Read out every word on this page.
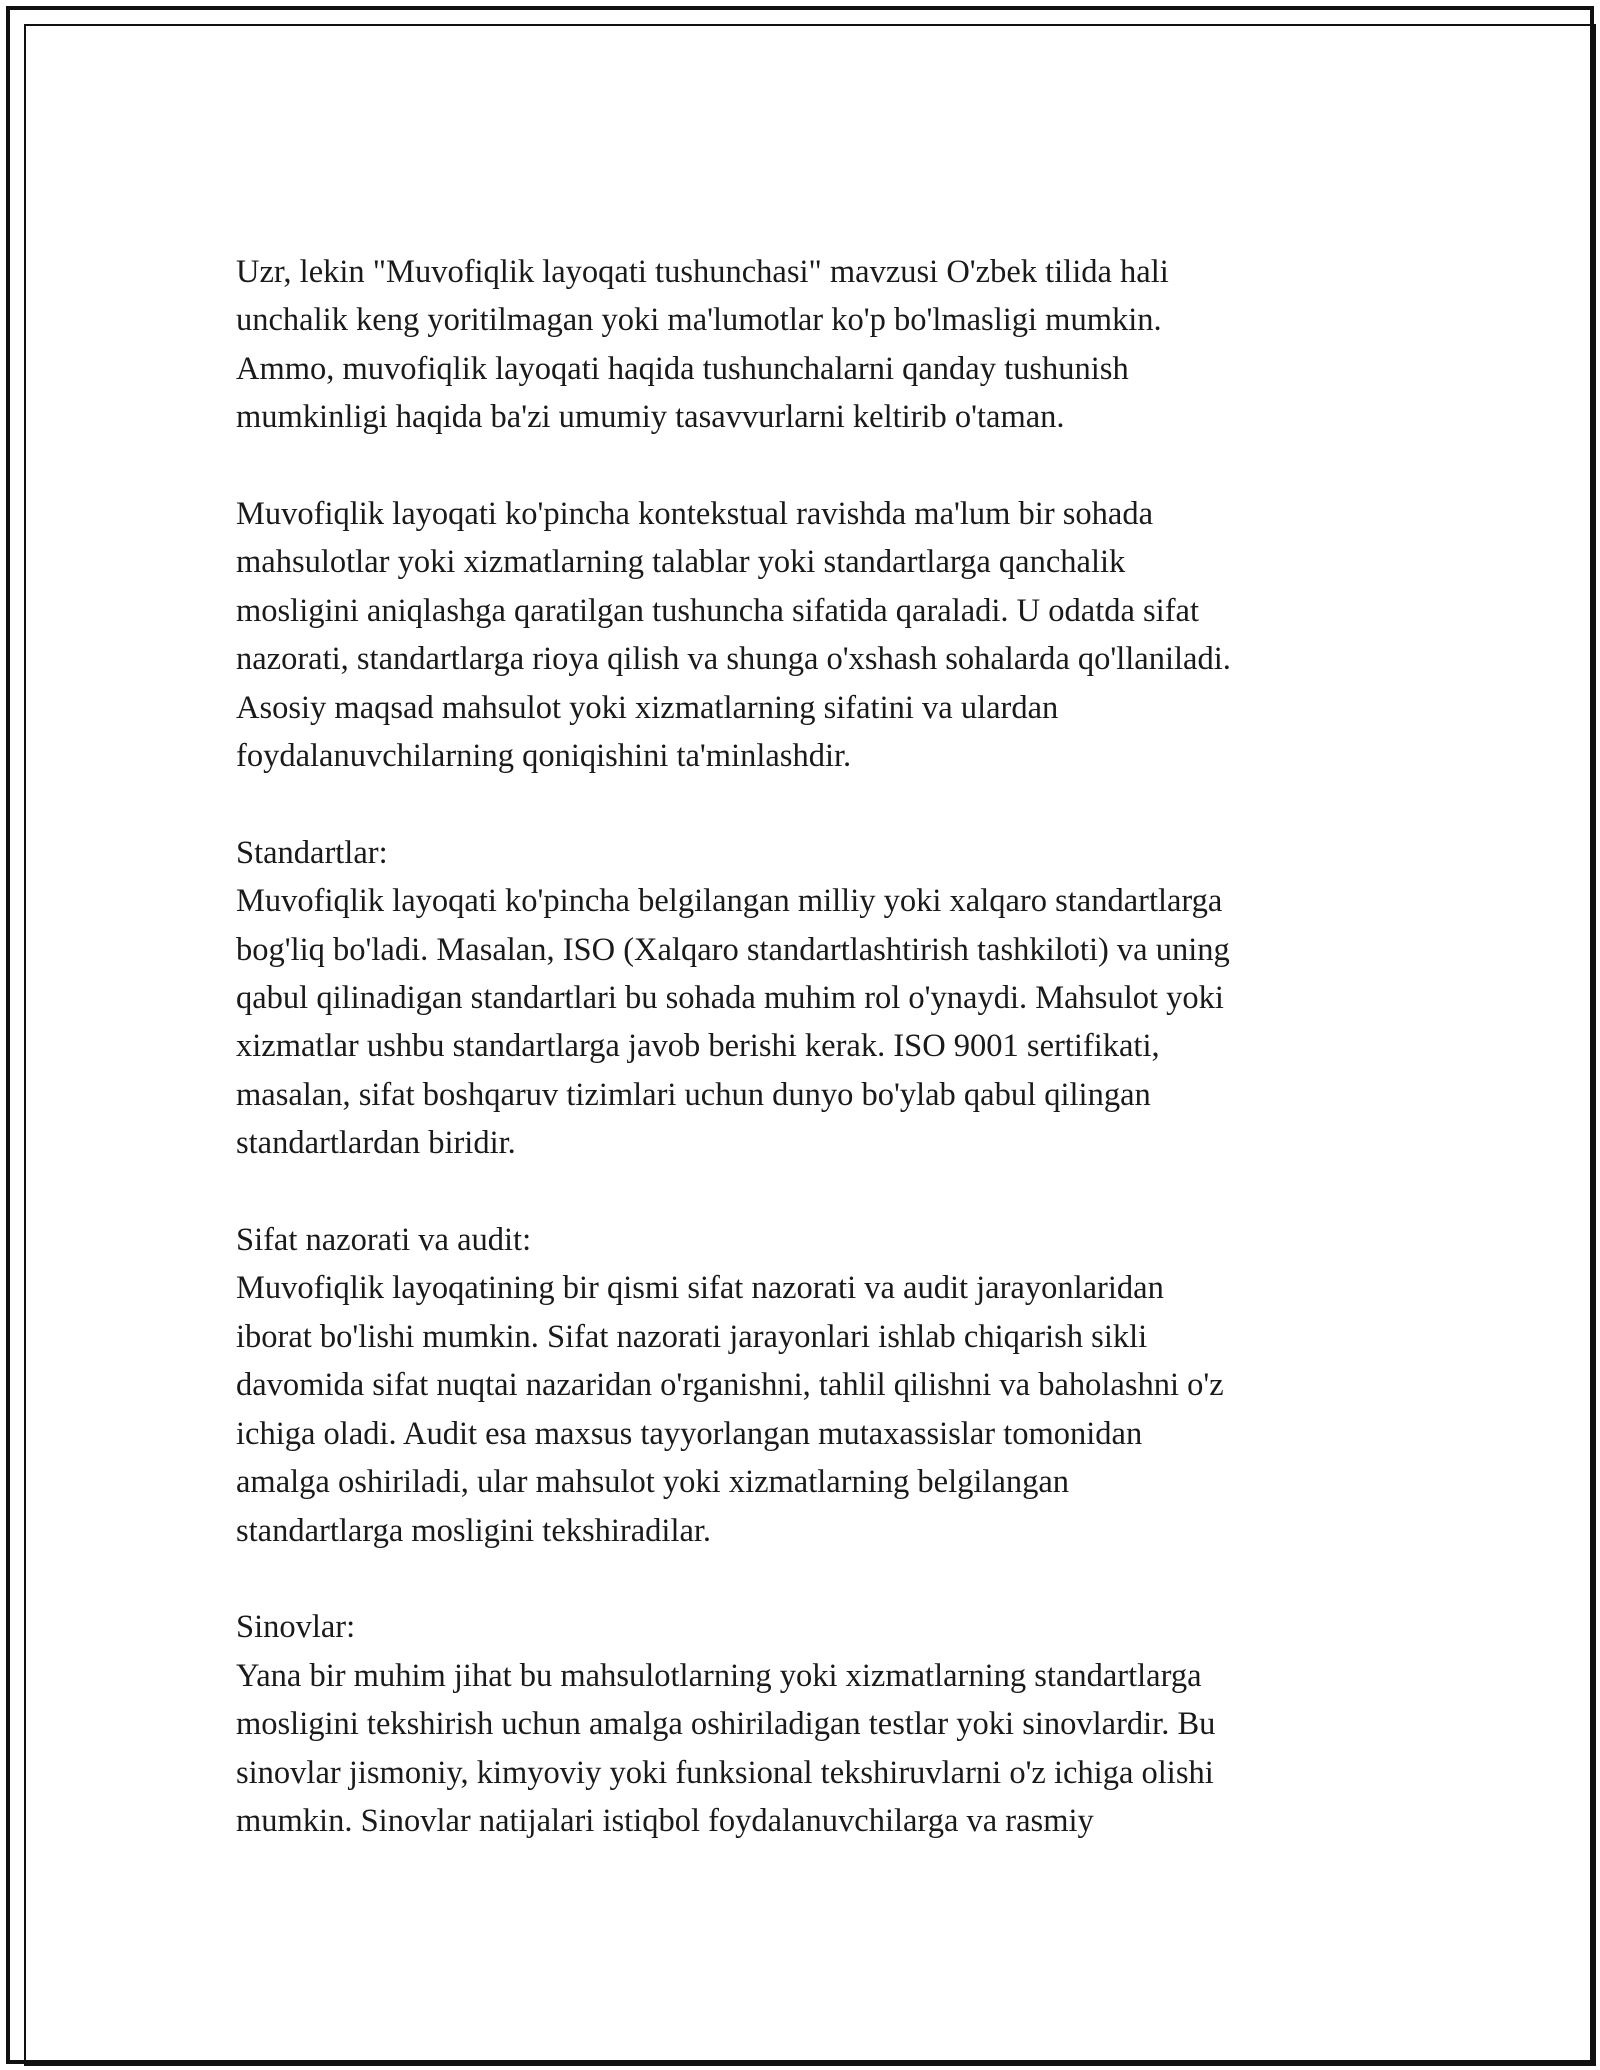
Uzr, lekin "Muvofiqlik layoqati tushunchasi" mavzusi O'zbek tilida hali
unchalik keng yoritilmagan yoki ma'lumotlar ko'p bo'lmasligi mumkin.
Ammo, muvofiqlik layoqati haqida tushunchalarni qanday tushunish
mumkinligi haqida ba'zi umumiy tasavvurlarni keltirib o'taman.

Muvofiqlik layoqati ko'pincha kontekstual ravishda ma'lum bir sohada
mahsulotlar yoki xizmatlarning talablar yoki standartlarga qanchalik
mosligini aniqlashga qaratilgan tushuncha sifatida qaraladi. U odatda sifat
nazorati, standartlarga rioya qilish va shunga o'xshash sohalarda qo'llaniladi.
Asosiy maqsad mahsulot yoki xizmatlarning sifatini va ulardan
foydalanuvchilarning qoniqishini ta'minlashdir.

Standartlar:

Muvofiqlik layoqati ko'pincha belgilangan milliy yoki xalqaro standartlarga
bog'liq bo'ladi. Masalan, ISO (Xalqaro standartlashtirish tashkiloti) va uning
qabul qilinadigan standartlari bu sohada muhim rol o'ynaydi. Mahsulot yoki
xizmatlar ushbu standartlarga javob berishi kerak. ISO 9001 sertifikati,
masalan, sifat boshqaruv tizimlari uchun dunyo bo'ylab qabul qilingan
standartlardan biridir.

Sifat nazorati va audit:

Muvofiqlik layoqatining bir qismi sifat nazorati va audit jarayonlaridan
iborat bo'lishi mumkin. Sifat nazorati jarayonlari ishlab chiqarish sikli
davomida sifat nuqtai nazaridan o'rganishni, tahlil qilishni va baholashni o'z
ichiga oladi. Audit esa maxsus tayyorlangan mutaxassislar tomonidan
amalga oshiriladi, ular mahsulot yoki xizmatlarning belgilangan
standartlarga mosligini tekshiradilar.

Sinovlar:

Yana bir muhim jihat bu mahsulotlarning yoki xizmatlarning standartlarga
mosligini tekshirish uchun amalga oshiriladigan testlar yoki sinovlardir. Bu
sinovlar jismoniy, kimyoviy yoki funksional tekshiruvlarni o'z ichiga olishi
mumkin. Sinovlar natijalari istiqbol foydalanuvchilarga va rasmiy
